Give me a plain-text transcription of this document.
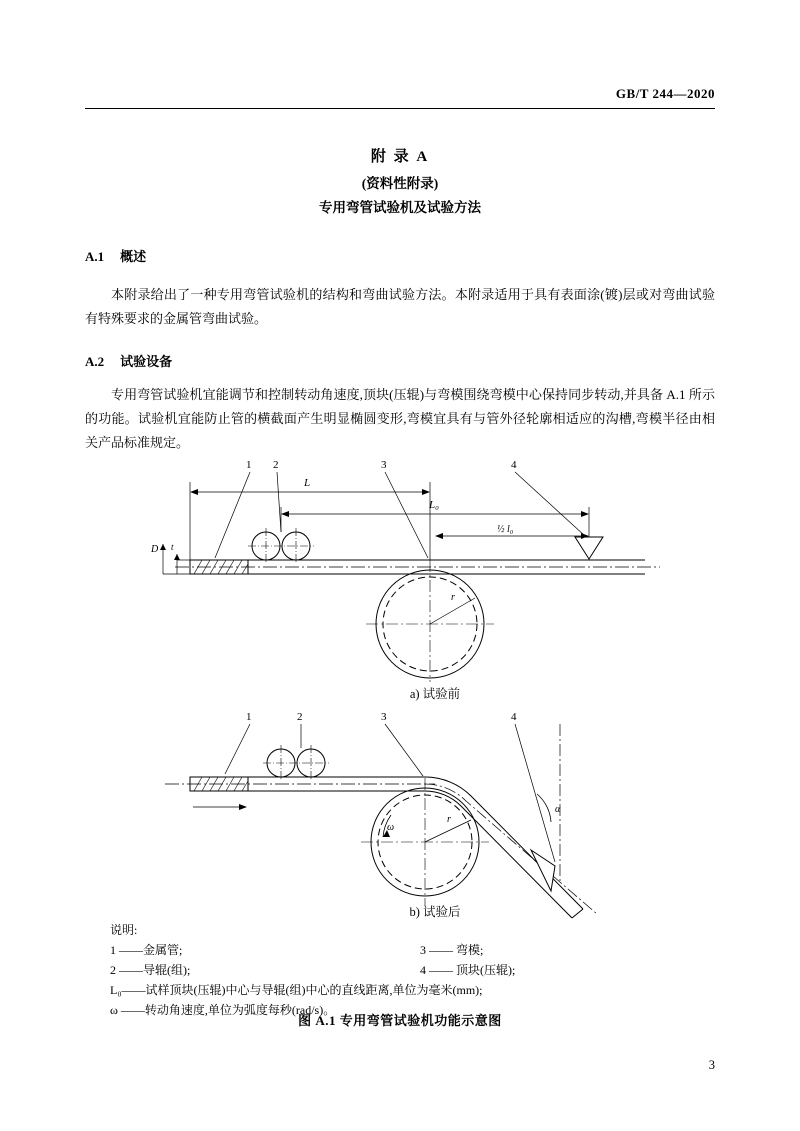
GB/T 244—2020
附 录 A
(资料性附录)
专用弯管试验机及试验方法
A.1 概述
本附录给出了一种专用弯管试验机的结构和弯曲试验方法。本附录适用于具有表面涂(镀)层或对弯曲试验有特殊要求的金属管弯曲试验。
A.2 试验设备
专用弯管试验机宜能调节和控制转动角速度,顶块(压辊)与弯模围绕弯模中心保持同步转动,并具备 A.1 所示的功能。试验机宜能防止管的横截面产生明显椭圆变形,弯模宜具有与管外径轮廓相适应的沟槽,弯模半径由相关产品标准规定。
D t
r
L
L₀
½ l₀
1 2	3	4
a) 试验前
ω
r
α
1	2	3	4
b) 试验后
说明:
1 ——金属管;	3 —— 弯模;
2 ——导辊(组);	4 —— 顶块(压辊);
L₀——试样顶块(压辊)中心与导辊(组)中心的直线距离,单位为毫米(mm);
ω ——转动角速度,单位为弧度每秒(rad/s)。
图 A.1 专用弯管试验机功能示意图
3
